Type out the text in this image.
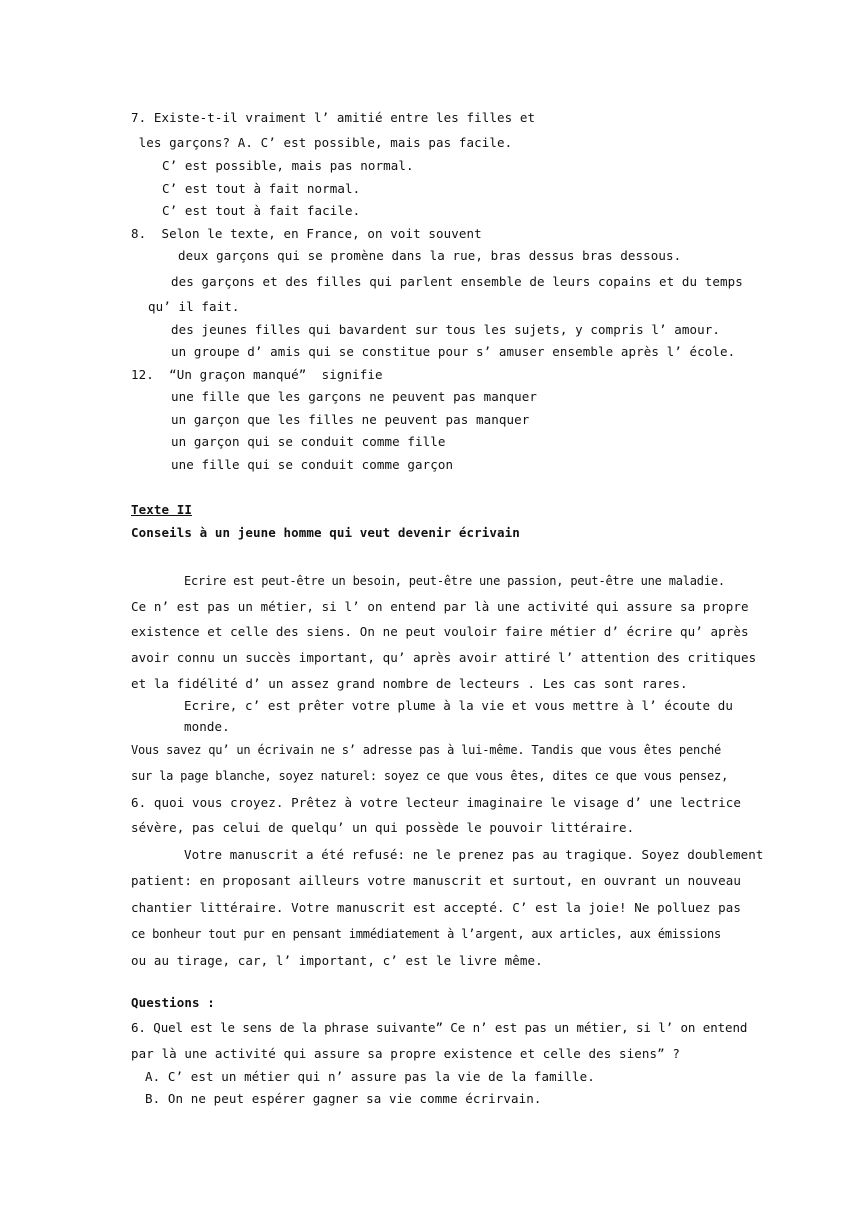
7. Existe-t-il vraiment l’ amitié entre les filles et
les garçons? A. C’ est possible, mais pas facile.
C’ est possible, mais pas normal.
C’ est tout à fait normal.
C’ est tout à fait facile.
8.  Selon le texte, en France, on voit souvent
deux garçons qui se promène dans la rue, bras dessus bras dessous.
des garçons et des filles qui parlent ensemble de leurs copains et du temps
qu’ il fait.
des jeunes filles qui bavardent sur tous les sujets, y compris l’ amour.
un groupe d’ amis qui se constitue pour s’ amuser ensemble après l’ école.
12.  “Un graçon manqué”  signifie
une fille que les garçons ne peuvent pas manquer
un garçon que les filles ne peuvent pas manquer
un garçon qui se conduit comme fille
une fille qui se conduit comme garçon
Texte II
Conseils à un jeune homme qui veut devenir écrivain
Ecrire est peut-être un besoin, peut-être une passion, peut-être une maladie.
Ce n’ est pas un métier, si l’ on entend par là une activité qui assure sa propre
existence et celle des siens. On ne peut vouloir faire métier d’ écrire qu’ après
avoir connu un succès important, qu’ après avoir attiré l’ attention des critiques
et la fidélité d’ un assez grand nombre de lecteurs . Les cas sont rares.
Ecrire, c’ est prêter votre plume à la vie et vous mettre à l’ écoute du
monde.
Vous savez qu’ un écrivain ne s’ adresse pas à lui-même. Tandis que vous êtes penché
sur la page blanche, soyez naturel: soyez ce que vous êtes, dites ce que vous pensez,
6. quoi vous croyez. Prêtez à votre lecteur imaginaire le visage d’ une lectrice
sévère, pas celui de quelqu’ un qui possède le pouvoir littéraire.
Votre manuscrit a été refusé: ne le prenez pas au tragique. Soyez doublement
patient: en proposant ailleurs votre manuscrit et surtout, en ouvrant un nouveau
chantier littéraire. Votre manuscrit est accepté. C’ est la joie! Ne polluez pas
ce bonheur tout pur en pensant immédiatement à l’argent, aux articles, aux émissions
ou au tirage, car, l’ important, c’ est le livre même.
Questions :
6. Quel est le sens de la phrase suivante” Ce n’ est pas un métier, si l’ on entend
par là une activité qui assure sa propre existence et celle des siens” ?
A. C’ est un métier qui n’ assure pas la vie de la famille.
B. On ne peut espérer gagner sa vie comme écrirvain.
